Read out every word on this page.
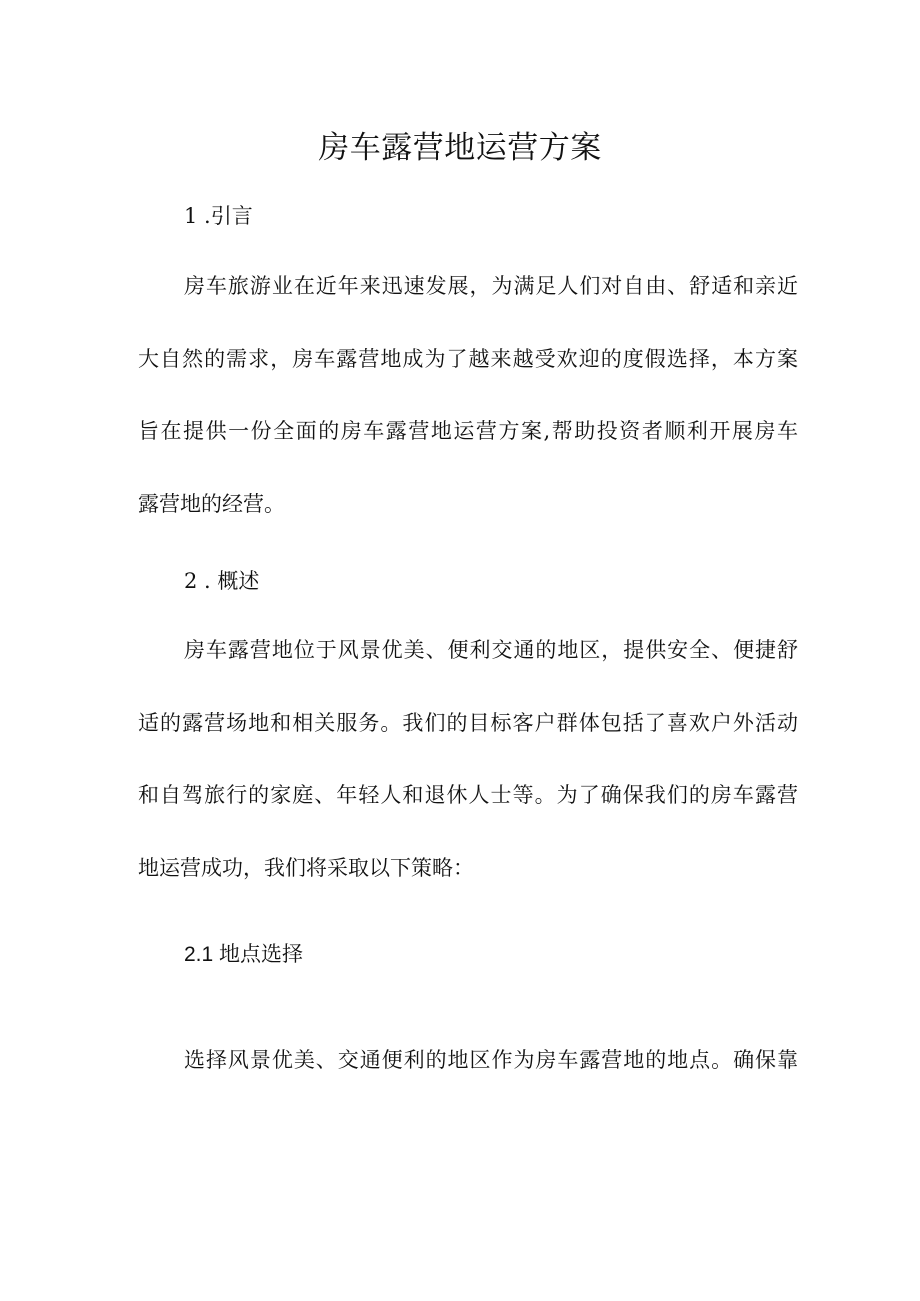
房车露营地运营方案
1 .引言

房车旅游业在近年来迅速发展，为满足人们对自由、舒适和亲近
大自然的需求，房车露营地成为了越来越受欢迎的度假选择，本方案
旨在提供一份全面的房车露营地运营方案,帮助投资者顺利开展房车
露营地的经营。

2 . 概述

房车露营地位于风景优美、便利交通的地区，提供安全、便捷舒
适的露营场地和相关服务。我们的目标客户群体包括了喜欢户外活动
和自驾旅行的家庭、年轻人和退休人士等。为了确保我们的房车露营
地运营成功，我们将采取以下策略：

2.1 地点选择

选择风景优美、交通便利的地区作为房车露营地的地点。确保靠
